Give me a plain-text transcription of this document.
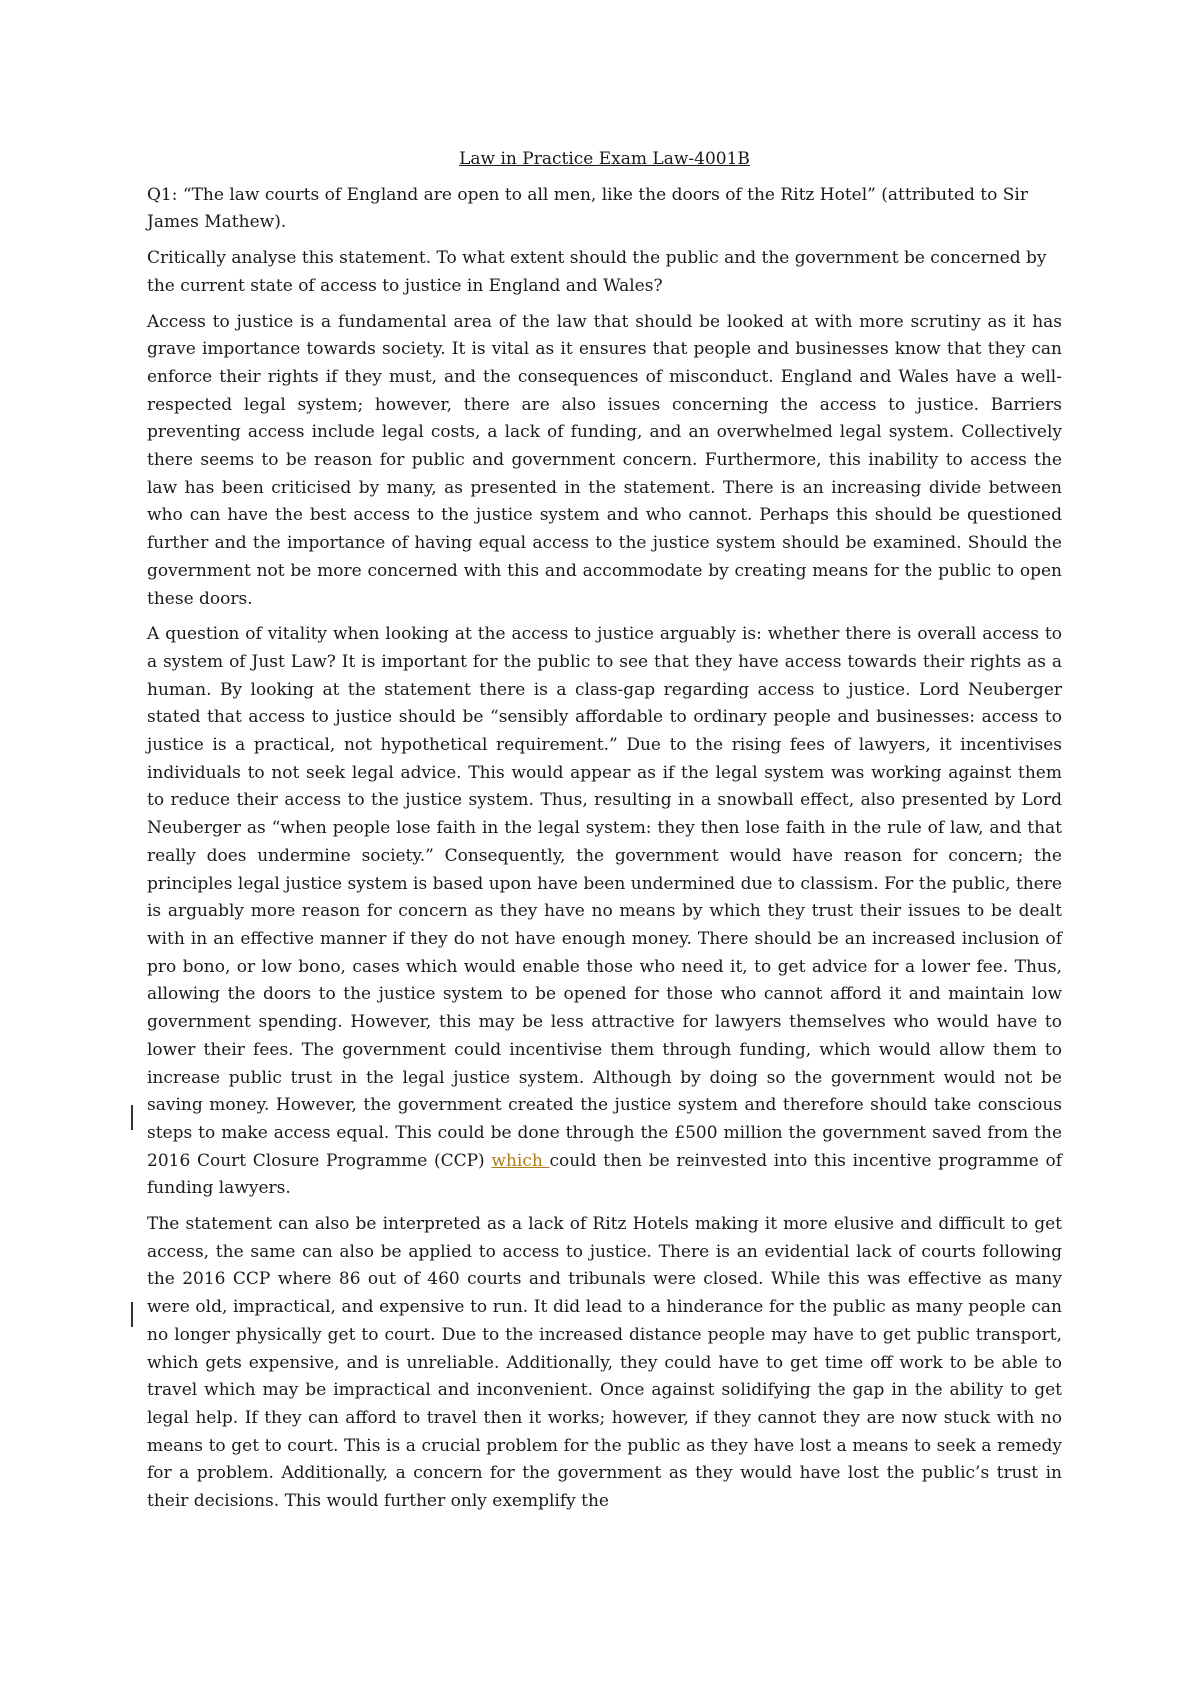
Law in Practice Exam Law-4001B

Q1: “The law courts of England are open to all men, like the doors of the Ritz Hotel” (attributed to Sir James Mathew).

Critically analyse this statement. To what extent should the public and the government be concerned by the current state of access to justice in England and Wales?

Access to justice is a fundamental area of the law that should be looked at with more scrutiny as it has grave importance towards society. It is vital as it ensures that people and businesses know that they can enforce their rights if they must, and the consequences of misconduct. England and Wales have a well-respected legal system; however, there are also issues concerning the access to justice. Barriers preventing access include legal costs, a lack of funding, and an overwhelmed legal system. Collectively there seems to be reason for public and government concern. Furthermore, this inability to access the law has been criticised by many, as presented in the statement. There is an increasing divide between who can have the best access to the justice system and who cannot. Perhaps this should be questioned further and the importance of having equal access to the justice system should be examined. Should the government not be more concerned with this and accommodate by creating means for the public to open these doors.

A question of vitality when looking at the access to justice arguably is: whether there is overall access to a system of Just Law? It is important for the public to see that they have access towards their rights as a human. By looking at the statement there is a class-gap regarding access to justice. Lord Neuberger stated that access to justice should be “sensibly affordable to ordinary people and businesses: access to justice is a practical, not hypothetical requirement.” Due to the rising fees of lawyers, it incentivises individuals to not seek legal advice. This would appear as if the legal system was working against them to reduce their access to the justice system. Thus, resulting in a snowball effect, also presented by Lord Neuberger as “when people lose faith in the legal system: they then lose faith in the rule of law, and that really does undermine society.” Consequently, the government would have reason for concern; the principles legal justice system is based upon have been undermined due to classism. For the public, there is arguably more reason for concern as they have no means by which they trust their issues to be dealt with in an effective manner if they do not have enough money. There should be an increased inclusion of pro bono, or low bono, cases which would enable those who need it, to get advice for a lower fee. Thus, allowing the doors to the justice system to be opened for those who cannot afford it and maintain low government spending. However, this may be less attractive for lawyers themselves who would have to lower their fees. The government could incentivise them through funding, which would allow them to increase public trust in the legal justice system. Although by doing so the government would not be saving money. However, the government created the justice system and therefore should take conscious steps to make access equal. This could be done through the £500 million the government saved from the 2016 Court Closure Programme (CCP) which could then be reinvested into this incentive programme of funding lawyers.

The statement can also be interpreted as a lack of Ritz Hotels making it more elusive and difficult to get access, the same can also be applied to access to justice. There is an evidential lack of courts following the 2016 CCP where 86 out of 460 courts and tribunals were closed. While this was effective as many were old, impractical, and expensive to run. It did lead to a hinderance for the public as many people can no longer physically get to court. Due to the increased distance people may have to get public transport, which gets expensive, and is unreliable. Additionally, they could have to get time of work to be able to travel which may be impractical and inconvenient. Once against solidifying the gap in the ability to get legal help. If they can afford to travel then it works; however, if they cannot they are now stuck with no means to get to court. This is a crucial problem for the public as they have lost a means to seek a remedy for a problem. Additionally, a concern for the government as they would have lost the public’s trust in their decisions. This would further only exemplify the
